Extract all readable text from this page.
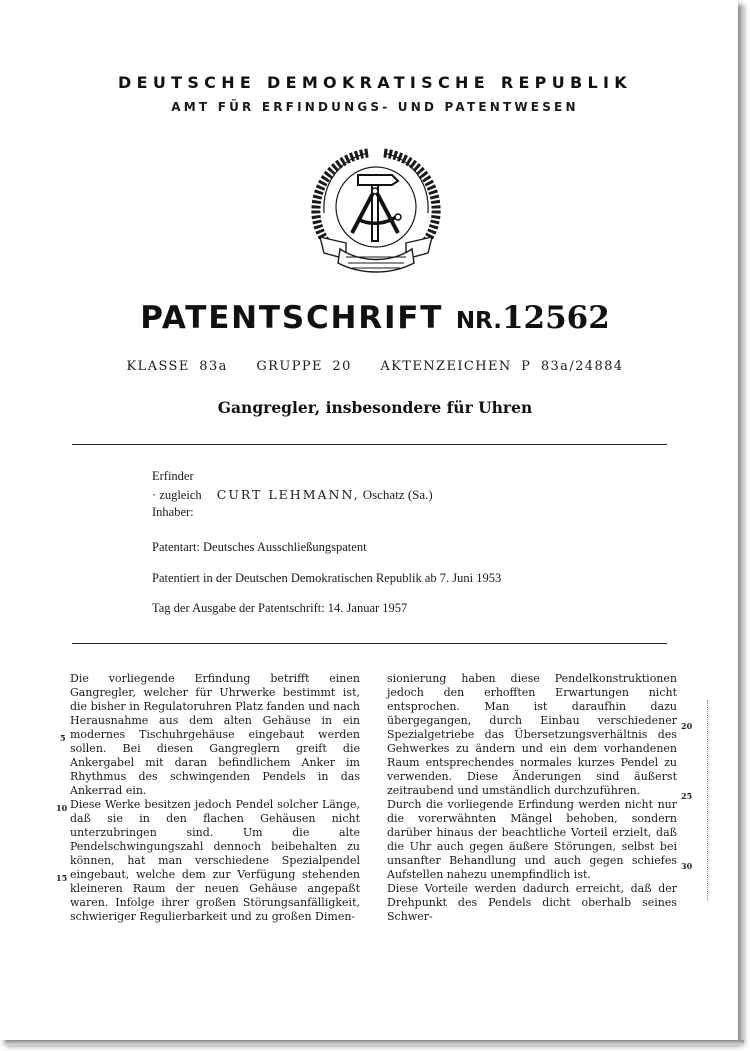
DEUTSCHE DEMOKRATISCHE REPUBLIK
AMT FÜR ERFINDUNGS- UND PATENTWESEN
PATENTSCHRIFT NR.12562
KLASSE 83a GRUPPE 20 AKTENZEICHEN P 83a/24884
Gangregler, insbesondere für Uhren
Erfinder
· zugleich CURT LEHMANN, Oschatz (Sa.)
Inhaber:
Patentart: Deutsches Ausschließungspatent
Patentiert in der Deutschen Demokratischen Republik ab 7. Juni 1953
Tag der Ausgabe der Patentschrift: 14. Januar 1957

Die vorliegende Erfindung betrifft einen Gangregler, welcher für Uhrwerke bestimmt ist, die bisher in Regulatoruhren Platz fanden und nach Herausnahme aus dem alten Gehäuse in ein modernes Tischuhrgehäuse eingebaut werden sollen. Bei diesen Gangreglern greift die Ankergabel mit daran befindlichem Anker im Rhythmus des schwingenden Pendels in das Ankerrad ein.

Diese Werke besitzen jedoch Pendel solcher Länge, daß sie in den flachen Gehäusen nicht unterzubringen sind. Um die alte Pendelschwingungszahl dennoch beibehalten zu können, hat man verschiedene Spezialpendel eingebaut, welche dem zur Verfügung stehenden kleineren Raum der neuen Gehäuse angepaßt waren. Infolge ihrer großen Störungsanfälligkeit, schwieriger Regulierbarkeit und zu großen Dimen-

sionierung haben diese Pendelkonstruktionen jedoch den erhofften Erwartungen nicht entsprochen. Man ist daraufhin dazu übergegangen, durch Einbau verschiedener Spezialgetriebe das Übersetzungsverhältnis des Gehwerkes zu ändern und ein dem vorhandenen Raum entsprechendes normales kurzes Pendel zu verwenden. Diese Änderungen sind äußerst zeitraubend und umständlich durchzuführen.

Durch die vorliegende Erfindung werden nicht nur die vorerwähnten Mängel behoben, sondern darüber hinaus der beachtliche Vorteil erzielt, daß die Uhr auch gegen äußere Störungen, selbst bei unsanfter Behandlung und auch gegen schiefes Aufstellen nahezu unempfindlich ist.

Diese Vorteile werden dadurch erreicht, daß der Drehpunkt des Pendels dicht oberhalb seines Schwer-

5
10
15
20
25
30
